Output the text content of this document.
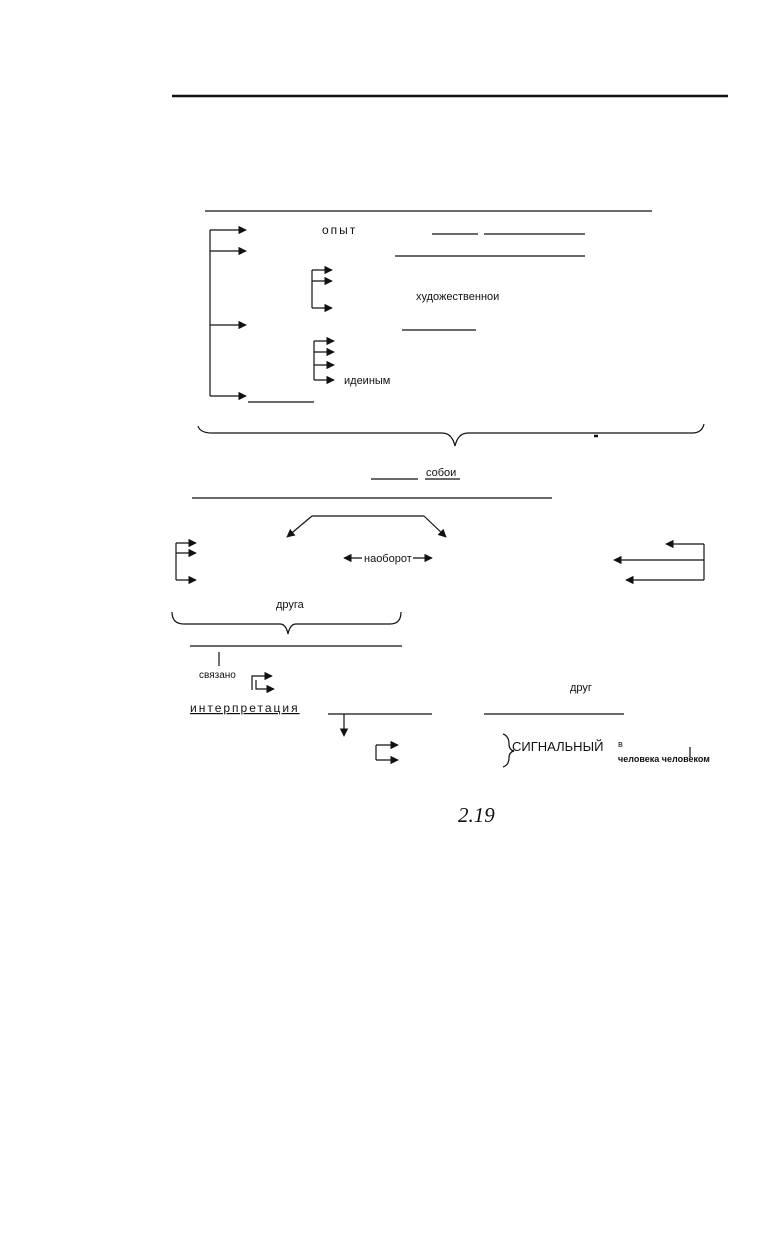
опыт
художественнои
идеиным
собои
наоборот
друга
связано
друг
интерпретация
СИГНАЛЬНЫЙ в
человека человеком
2.19
